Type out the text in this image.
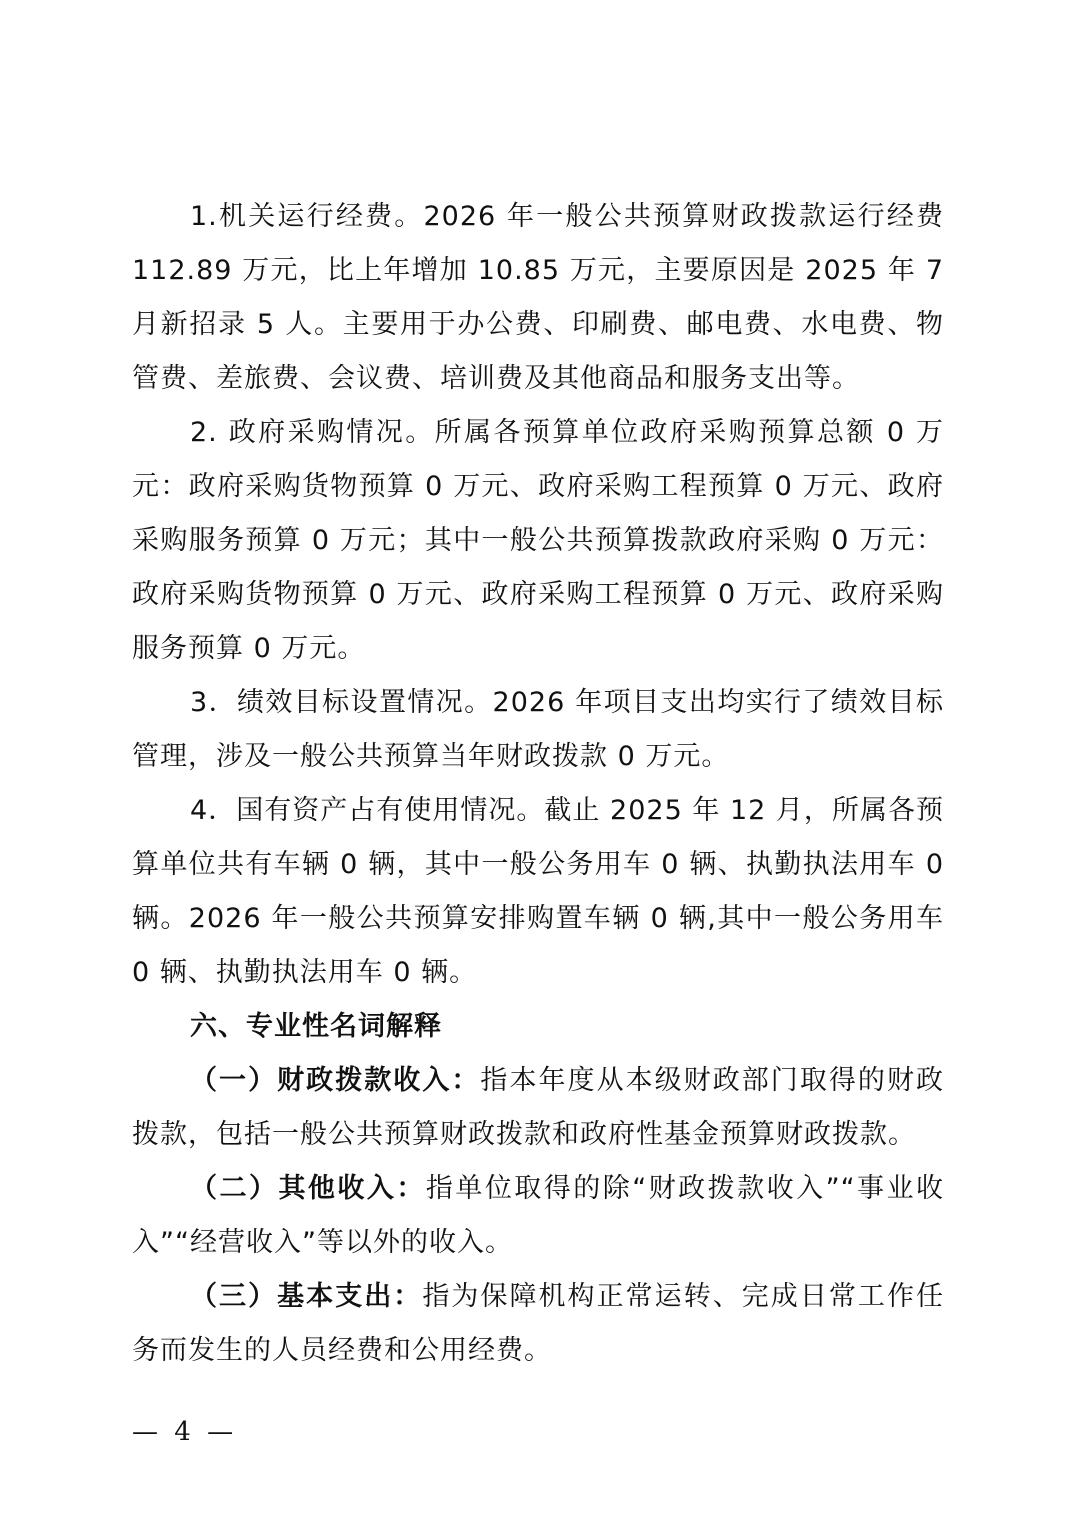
1.机关运行经费。2026 年一般公共预算财政拨款运行经费 112.89 万元，比上年增加 10.85 万元，主要原因是 2025 年 7 月新招录 5 人。主要用于办公费、印刷费、邮电费、水电费、物管费、差旅费、会议费、培训费及其他商品和服务支出等。

2. 政府采购情况。所属各预算单位政府采购预算总额 0 万元：政府采购货物预算 0 万元、政府采购工程预算 0 万元、政府采购服务预算 0 万元；其中一般公共预算拨款政府采购 0 万元：政府采购货物预算 0 万元、政府采购工程预算 0 万元、政府采购服务预算 0 万元。

3．绩效目标设置情况。2026 年项目支出均实行了绩效目标管理，涉及一般公共预算当年财政拨款 0 万元。

4．国有资产占有使用情况。截止 2025 年 12 月，所属各预算单位共有车辆 0 辆，其中一般公务用车 0 辆、执勤执法用车 0 辆。2026 年一般公共预算安排购置车辆 0 辆,其中一般公务用车 0 辆、执勤执法用车 0 辆。

六、专业性名词解释

（一）财政拨款收入：指本年度从本级财政部门取得的财政拨款，包括一般公共预算财政拨款和政府性基金预算财政拨款。

（二）其他收入：指单位取得的除“财政拨款收入”“事业收入”“经营收入”等以外的收入。

（三）基本支出：指为保障机构正常运转、完成日常工作任务而发生的人员经费和公用经费。

— 4 —
